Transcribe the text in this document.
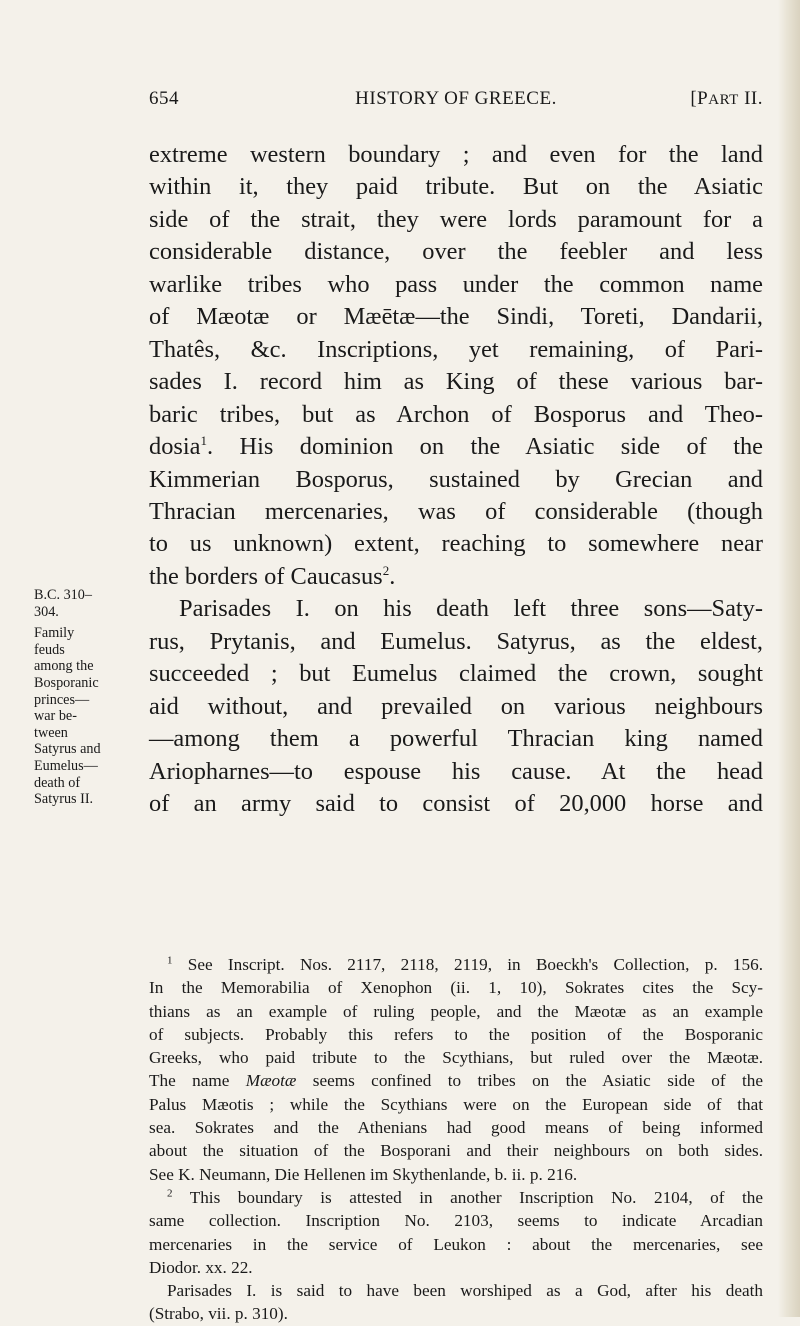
654	HISTORY OF GREECE.	[PART II.
extreme western boundary ; and even for the land
within it, they paid tribute. But on the Asiatic
side of the strait, they were lords paramount for a
considerable distance, over the feebler and less
warlike tribes who pass under the common name
of Mæotæ or Mæētæ—the Sindi, Toreti, Dandarii,
Thatês, &c. Inscriptions, yet remaining, of Pari-
sades I. record him as King of these various bar-
baric tribes, but as Archon of Bosporus and Theo-
dosia$^1$. His dominion on the Asiatic side of the
Kimmerian Bosporus, sustained by Grecian and
Thracian mercenaries, was of considerable (though
to us unknown) extent, reaching to somewhere near
the borders of Caucasus$^2$.
Parisades I. on his death left three sons—Saty-
rus, Prytanis, and Eumelus. Satyrus, as the eldest,
succeeded ; but Eumelus claimed the crown, sought
aid without, and prevailed on various neighbours
—among them a powerful Thracian king named
Ariopharnes—to espouse his cause. At the head
of an army said to consist of 20,000 horse and
B.C. 310–
304.
Family
feuds
among the
Bosporanic
princes—
war be-
tween
Satyrus and
Eumelus—
death of
Satyrus II.

$^1$ See Inscript. Nos. 2117, 2118, 2119, in Boeckh's Collection, p. 156.
In the Memorabilia of Xenophon (ii. 1, 10), Sokrates cites the Scy-
thians as an example of ruling people, and the Mæotæ as an example
of subjects. Probably this refers to the position of the Bosporanic
Greeks, who paid tribute to the Scythians, but ruled over the Mæotæ.
The name Mæotæ seems confined to tribes on the Asiatic side of the
Palus Mæotis ; while the Scythians were on the European side of that
sea. Sokrates and the Athenians had good means of being informed
about the situation of the Bosporani and their neighbours on both sides.
See K. Neumann, Die Hellenen im Skythenlande, b. ii. p. 216.

$^2$ This boundary is attested in another Inscription No. 2104, of the
same collection. Inscription No. 2103, seems to indicate Arcadian
mercenaries in the service of Leukon : about the mercenaries, see
Diodor. xx. 22.
Parisades I. is said to have been worshiped as a God, after his death
(Strabo, vii. p. 310).
